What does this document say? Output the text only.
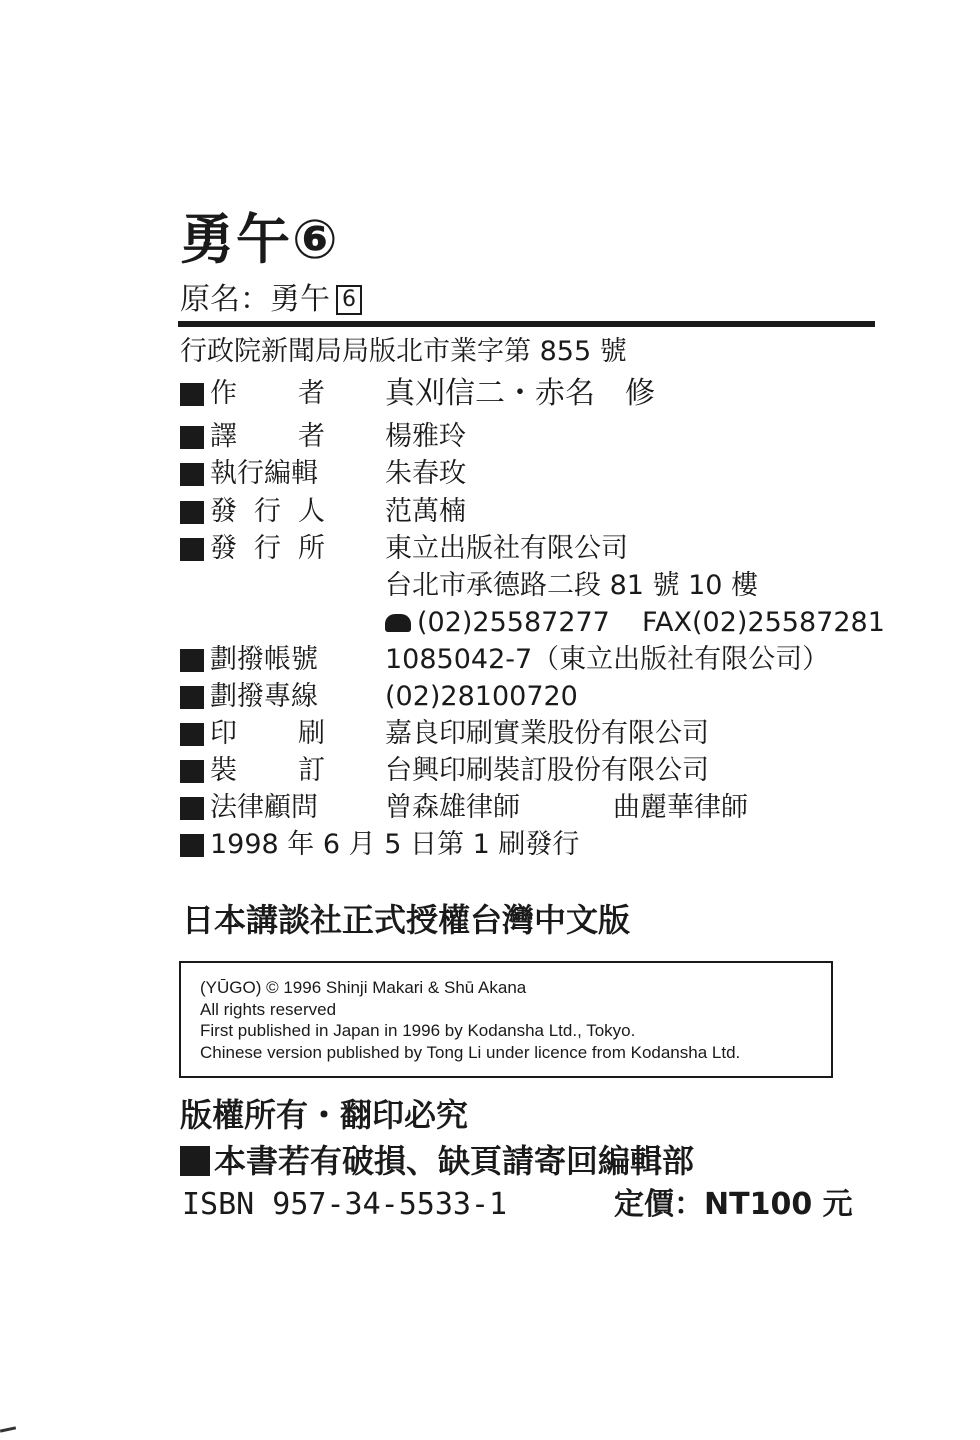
勇午⑥
原名：勇午 6
行政院新聞局局版北市業字第 855 號
作 者 真刈信二・赤名　修
譯 者 楊雅玲
執行編輯 朱春玫
發 行 人 范萬楠
發 行 所 東立出版社有限公司
台北市承德路二段 81 號 10 樓
(02)25587277 FAX(02)25587281
劃撥帳號 1085042-7（東立出版社有限公司）
劃撥專線 (02)28100720
印 刷 嘉良印刷實業股份有限公司
裝 訂 台興印刷裝訂股份有限公司
法律顧問 曾森雄律師	曲麗華律師
1998 年 6 月 5 日第 1 刷發行
日本講談社正式授權台灣中文版
(YŪGO) © 1996 Shinji Makari & Shū Akana
All rights reserved
First published in Japan in 1996 by Kodansha Ltd., Tokyo.
Chinese version published by Tong Li under licence from Kodansha Ltd.
版權所有・翻印必究
本書若有破損、缺頁請寄回編輯部
ISBN 957-34-5533-1	定價：NT100 元
